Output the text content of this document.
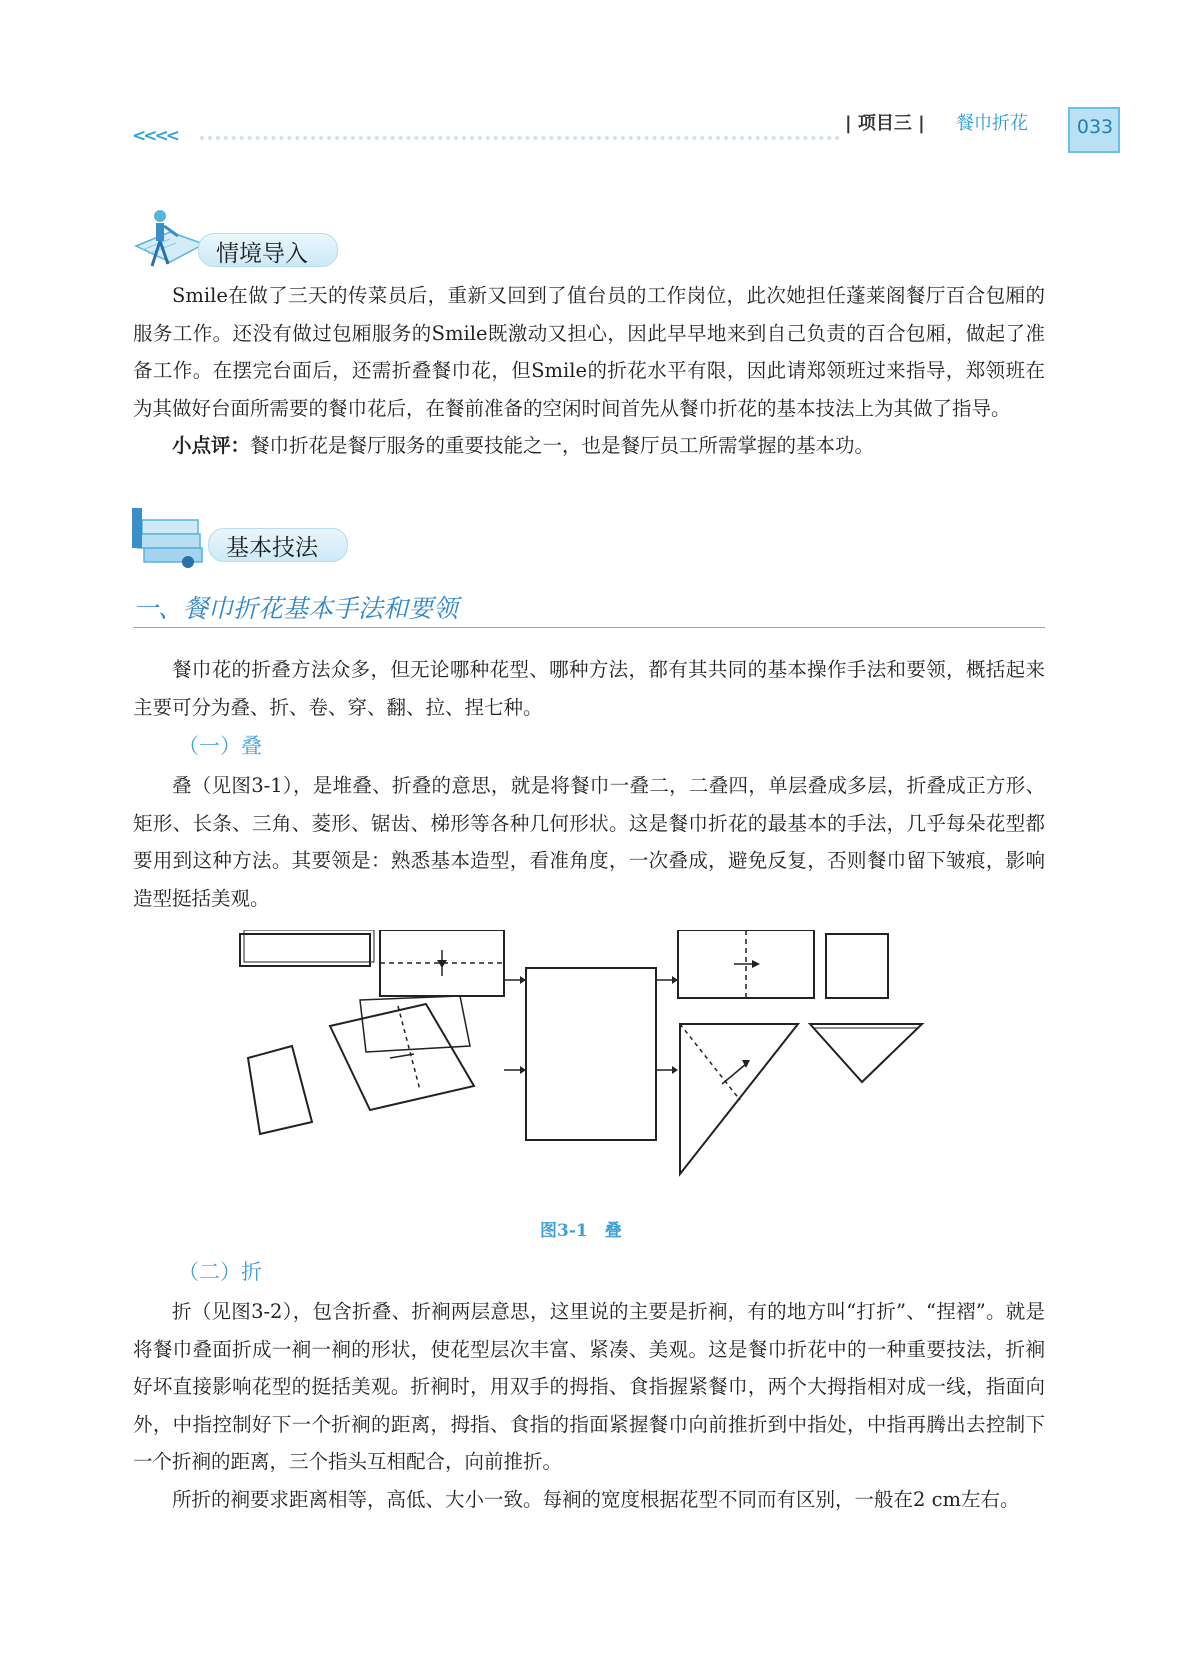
<<<<
| 项目三 | 餐巾折花	033
情境导入

Smile在做了三天的传菜员后，重新又回到了值台员的工作岗位，此次她担任蓬莱阁餐厅百合包厢的服务工作。还没有做过包厢服务的Smile既激动又担心，因此早早地来到自己负责的百合包厢，做起了准备工作。在摆完台面后，还需折叠餐巾花，但Smile的折花水平有限，因此请郑领班过来指导，郑领班在为其做好台面所需要的餐巾花后，在餐前准备的空闲时间首先从餐巾折花的基本技法上为其做了指导。

小点评：餐巾折花是餐厅服务的重要技能之一，也是餐厅员工所需掌握的基本功。

基本技法
一、餐巾折花基本手法和要领

餐巾花的折叠方法众多，但无论哪种花型、哪种方法，都有其共同的基本操作手法和要领，概括起来主要可分为叠、折、卷、穿、翻、拉、捏七种。

（一）叠

叠（见图3-1），是堆叠、折叠的意思，就是将餐巾一叠二，二叠四，单层叠成多层，折叠成正方形、矩形、长条、三角、菱形、锯齿、梯形等各种几何形状。这是餐巾折花的最基本的手法，几乎每朵花型都要用到这种方法。其要领是：熟悉基本造型，看准角度，一次叠成，避免反复，否则餐巾留下皱痕，影响造型挺括美观。

图3-1　叠
（二）折

折（见图3-2），包含折叠、折裥两层意思，这里说的主要是折裥，有的地方叫“打折”、“捏褶”。就是将餐巾叠面折成一裥一裥的形状，使花型层次丰富、紧凑、美观。这是餐巾折花中的一种重要技法，折裥好坏直接影响花型的挺括美观。折裥时，用双手的拇指、食指握紧餐巾，两个大拇指相对成一线，指面向外，中指控制好下一个折裥的距离，拇指、食指的指面紧握餐巾向前推折到中指处，中指再腾出去控制下一个折裥的距离，三个指头互相配合，向前推折。

所折的裥要求距离相等，高低、大小一致。每裥的宽度根据花型不同而有区别，一般在2 cm左右。
